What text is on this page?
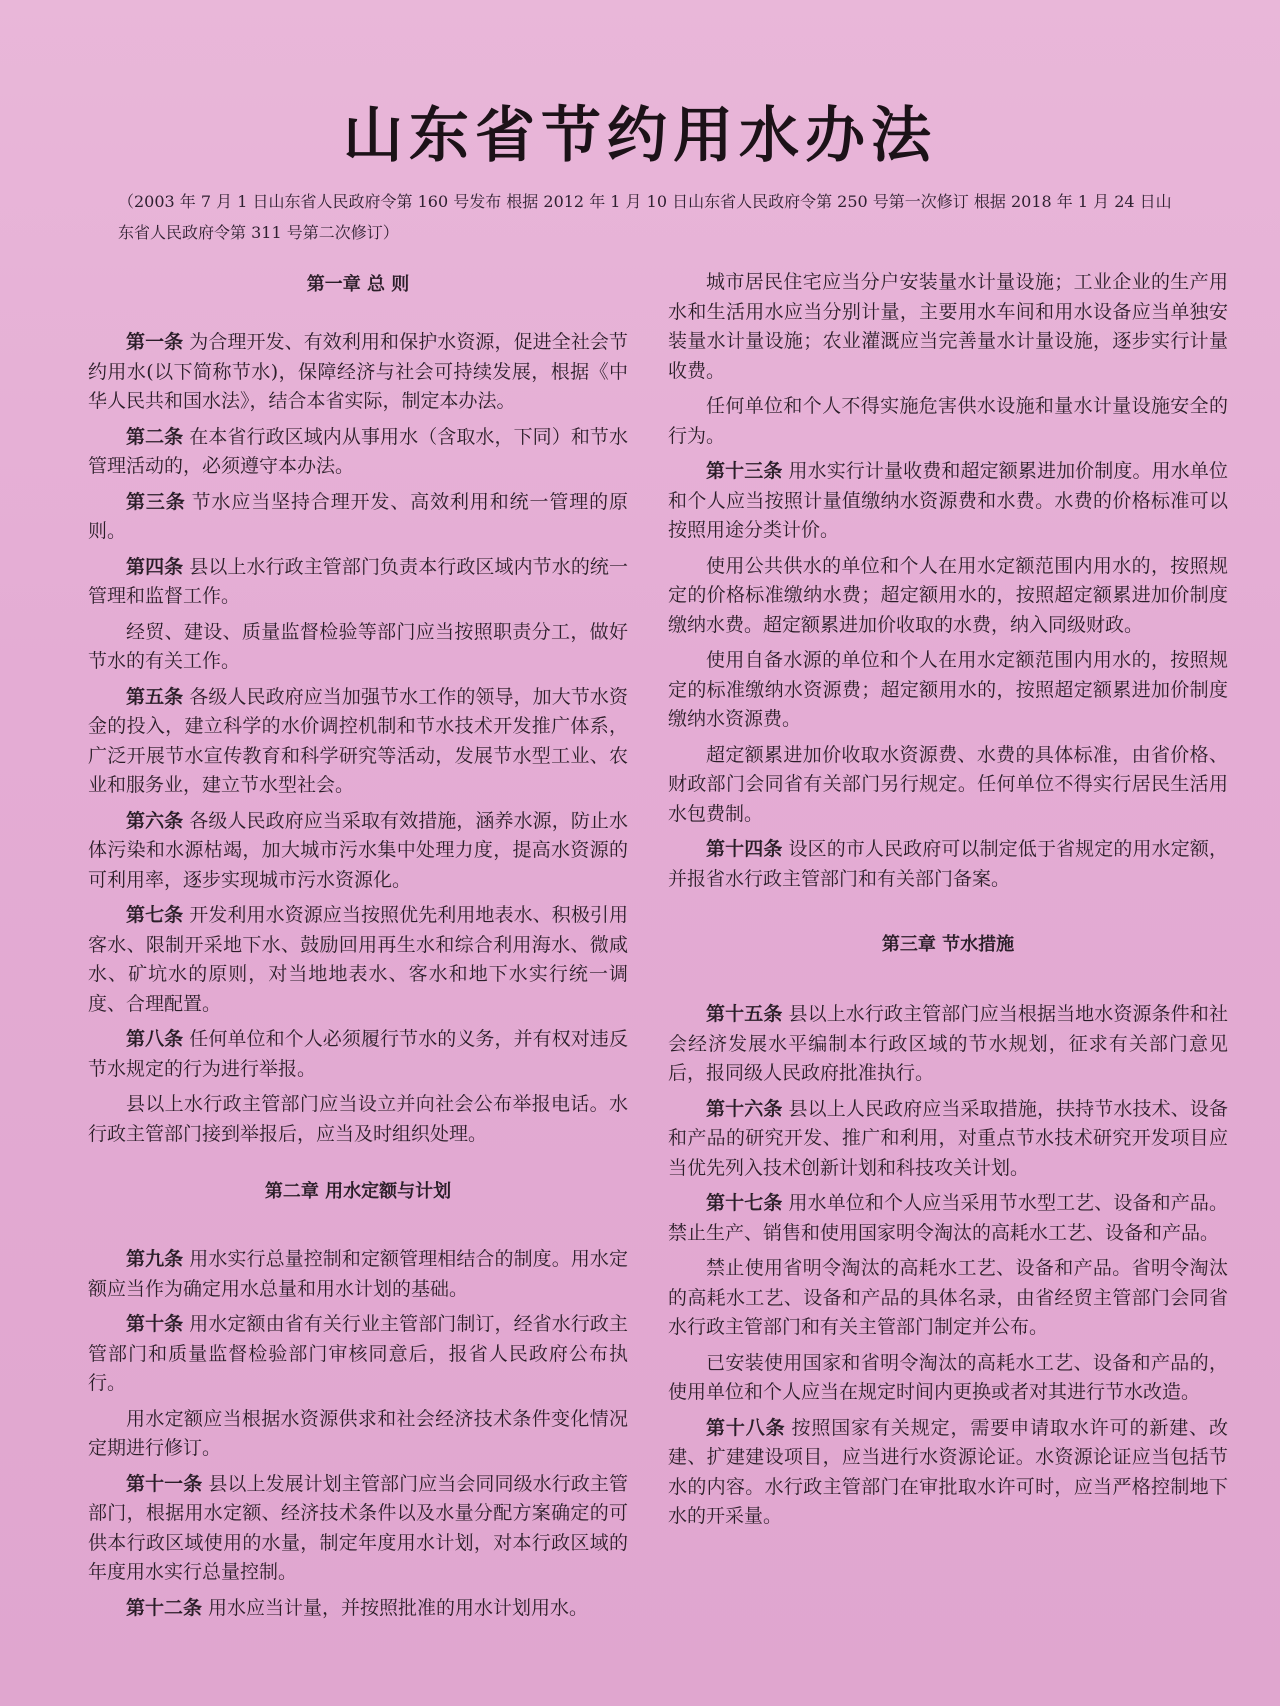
山东省节约用水办法
（2003 年 7 月 1 日山东省人民政府令第 160 号发布 根据 2012 年 1 月 10 日山东省人民政府令第 250 号第一次修订 根据 2018 年 1 月 24 日山东省人民政府令第 311 号第二次修订）
第一章 总 则

第一条 为合理开发、有效利用和保护水资源，促进全社会节约用水(以下简称节水)，保障经济与社会可持续发展，根据《中华人民共和国水法》，结合本省实际，制定本办法。

第二条 在本省行政区域内从事用水（含取水，下同）和节水管理活动的，必须遵守本办法。

第三条 节水应当坚持合理开发、高效利用和统一管理的原则。

第四条 县以上水行政主管部门负责本行政区域内节水的统一管理和监督工作。

经贸、建设、质量监督检验等部门应当按照职责分工，做好节水的有关工作。

第五条 各级人民政府应当加强节水工作的领导，加大节水资金的投入，建立科学的水价调控机制和节水技术开发推广体系，广泛开展节水宣传教育和科学研究等活动，发展节水型工业、农业和服务业，建立节水型社会。

第六条 各级人民政府应当采取有效措施，涵养水源，防止水体污染和水源枯竭，加大城市污水集中处理力度，提高水资源的可利用率，逐步实现城市污水资源化。

第七条 开发利用水资源应当按照优先利用地表水、积极引用客水、限制开采地下水、鼓励回用再生水和综合利用海水、微咸水、矿坑水的原则，对当地地表水、客水和地下水实行统一调度、合理配置。

第八条 任何单位和个人必须履行节水的义务，并有权对违反节水规定的行为进行举报。

县以上水行政主管部门应当设立并向社会公布举报电话。水行政主管部门接到举报后，应当及时组织处理。

第二章 用水定额与计划

第九条 用水实行总量控制和定额管理相结合的制度。用水定额应当作为确定用水总量和用水计划的基础。

第十条 用水定额由省有关行业主管部门制订，经省水行政主管部门和质量监督检验部门审核同意后，报省人民政府公布执行。

用水定额应当根据水资源供求和社会经济技术条件变化情况定期进行修订。

第十一条 县以上发展计划主管部门应当会同同级水行政主管部门，根据用水定额、经济技术条件以及水量分配方案确定的可供本行政区域使用的水量，制定年度用水计划，对本行政区域的年度用水实行总量控制。

第十二条 用水应当计量，并按照批准的用水计划用水。

城市居民住宅应当分户安装量水计量设施；工业企业的生产用水和生活用水应当分别计量，主要用水车间和用水设备应当单独安装量水计量设施；农业灌溉应当完善量水计量设施，逐步实行计量收费。

任何单位和个人不得实施危害供水设施和量水计量设施安全的行为。

第十三条 用水实行计量收费和超定额累进加价制度。用水单位和个人应当按照计量值缴纳水资源费和水费。水费的价格标准可以按照用途分类计价。

使用公共供水的单位和个人在用水定额范围内用水的，按照规定的价格标准缴纳水费；超定额用水的，按照超定额累进加价制度缴纳水费。超定额累进加价收取的水费，纳入同级财政。

使用自备水源的单位和个人在用水定额范围内用水的，按照规定的标准缴纳水资源费；超定额用水的，按照超定额累进加价制度缴纳水资源费。

超定额累进加价收取水资源费、水费的具体标准，由省价格、财政部门会同省有关部门另行规定。任何单位不得实行居民生活用水包费制。

第十四条 设区的市人民政府可以制定低于省规定的用水定额，并报省水行政主管部门和有关部门备案。

第三章 节水措施

第十五条 县以上水行政主管部门应当根据当地水资源条件和社会经济发展水平编制本行政区域的节水规划，征求有关部门意见后，报同级人民政府批准执行。

第十六条 县以上人民政府应当采取措施，扶持节水技术、设备和产品的研究开发、推广和利用，对重点节水技术研究开发项目应当优先列入技术创新计划和科技攻关计划。

第十七条 用水单位和个人应当采用节水型工艺、设备和产品。禁止生产、销售和使用国家明令淘汰的高耗水工艺、设备和产品。

禁止使用省明令淘汰的高耗水工艺、设备和产品。省明令淘汰的高耗水工艺、设备和产品的具体名录，由省经贸主管部门会同省水行政主管部门和有关主管部门制定并公布。

已安装使用国家和省明令淘汰的高耗水工艺、设备和产品的，使用单位和个人应当在规定时间内更换或者对其进行节水改造。

第十八条 按照国家有关规定，需要申请取水许可的新建、改建、扩建建设项目，应当进行水资源论证。水资源论证应当包括节水的内容。水行政主管部门在审批取水许可时，应当严格控制地下水的开采量。
